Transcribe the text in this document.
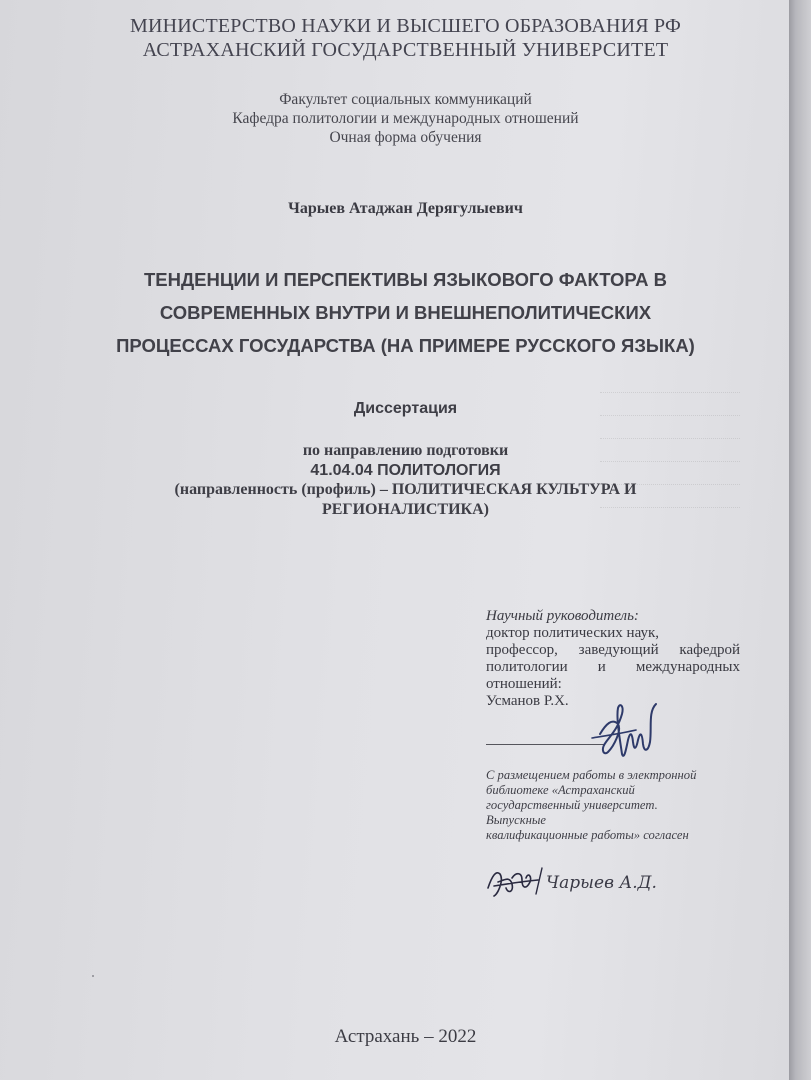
МИНИСТЕРСТВО НАУКИ И ВЫСШЕГО ОБРАЗОВАНИЯ РФ
АСТРАХАНСКИЙ ГОСУДАРСТВЕННЫЙ УНИВЕРСИТЕТ
Факультет социальных коммуникаций
Кафедра политологии и международных отношений
Очная форма обучения
Чарыев Атаджан Дерягулыевич
ТЕНДЕНЦИИ И ПЕРСПЕКТИВЫ ЯЗЫКОВОГО ФАКТОРА В
СОВРЕМЕННЫХ ВНУТРИ И ВНЕШНЕПОЛИТИЧЕСКИХ
ПРОЦЕССАХ ГОСУДАРСТВА (НА ПРИМЕРЕ РУССКОГО ЯЗЫКА)
Диссертация
по направлению подготовки
41.04.04 ПОЛИТОЛОГИЯ
(направленность (профиль) – ПОЛИТИЧЕСКАЯ КУЛЬТУРА И
РЕГИОНАЛИСТИКА)
Научный руководитель:
доктор политических наук,
профессор, заведующий кафедрой
политологии и международных
отношений:
Усманов Р.Х.
С размещением работы в электронной
библиотеке «Астраханский
государственный университет.
Выпускные
квалификационные работы» согласен
Чарыев А.Д.
Астрахань – 2022
